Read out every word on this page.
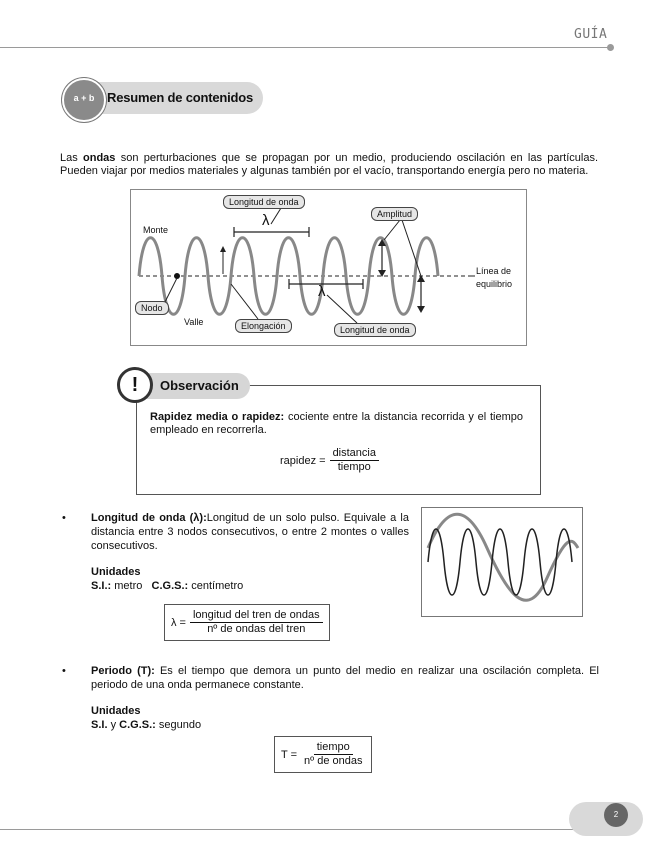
GUÍA
a + b Resumen de contenidos
Las ondas son perturbaciones que se propagan por un medio, produciendo oscilación en las partículas. Pueden viajar por medios materiales y algunas también por el vacío, transportando energía pero no materia.
Longitud de onda
Amplitud
Monte
λ
λ
Línea de
equilibrio
Nodo
Valle	Elongación	Longitud de onda
!	Observación
Rapidez media o rapidez: cociente entre la distancia recorrida y el tiempo empleado en recorrerla.
rapidez = $\frac{\text{distancia}}{\text{tiempo}}$
• Longitud de onda (λ):Longitud de un solo pulso. Equivale a la distancia entre 3 nodos consecutivos, o entre 2 montes o valles consecutivos.
Unidades
S.I.: metro C.G.S.: centímetro
$\lambda = \frac{\text{longitud del tren de ondas}}{\text{nº de ondas del tren}}$
• Periodo (T): Es el tiempo que demora un punto del medio en realizar una oscilación completa. El periodo de una onda permanece constante.
Unidades
S.I. y C.G.S.: segundo
$T = \frac{\text{tiempo}}{\text{nº de ondas}}$
2
